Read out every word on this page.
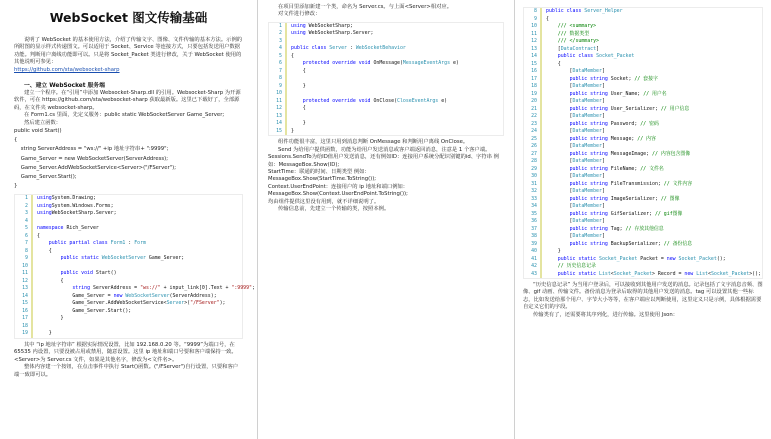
WebSocket 图文传输基础

说明了 WebSocket 的基本使用方法，介绍了传输文字、图像、文件传输的基本方法。示例的所附图的显示样式传递图文。可以适用于 Socket、Service 等连接方式，只要包括发送用户数据功能。判断用户离线功能即可以。只是将 Socket_Packet 类进行修改，关于 WebSocket 使用的其他说明可参见：

https://github.com/sta/websocket-sharp
一、建立 WebSocket 服务端

建立一个程序。在“引用”中添加 Websocket-Sharp.dll 的引用。Websocket-Sharp 为开源软件，可在 https://github.com/sta/websocket-sharp 获取最新版。这里已下载好了，全部源码，在文件夹 websocket-sharp。

在 Form1.cs 里面，先定义服务：public static WebSocketServer Game_Server;

然后建立函数：

public void Start()
{
string ServerAddress = "ws://" +ip 地址字符串+ ":9999";
Game_Server = new WebSocketServer(ServerAddress);
Game_Server.AddWebSocketService<Server>("/FServer");
Game_Server.Start();
}
1	using System.Drawing;
2	using System.Windows.Forms;
3	using WebSocketSharp.Server;
4
5	namespace Rich_Server
6	{
7
	public partial class
Form1 : Form
8	{
9
	public static
WebSocketServer Game_Server;
10
11
	public void Start()
12	{
13
	string ServerAddress = "ws://" + input_link[0].Text + ":9999" ;
14	Game_Server = new
WebSocketServer (ServerAddress);
15	Game_Server.AddWebSocketService< Server >( "/FServer" );
16	Game_Server.Start();
17	}
18
19	}

其中 “ip 地址字符串” 根据实际情况设置，比如 192.168.0.20 等。“9999”为端口号，在 65535 内设置，只要没被占用或禁用，随意设置。这里 ip 地址和端口号要和客户端保持一致。<Server>为 Server.cs 文件，如果是其他名字，修改为<文件名>。

整体内容建一个按钮，在点击事件中执行 Start()函数。("/FServer")自行设置，只要和客户端一致即可以。

在项目里添加新建一个类，命名为 Server.cs。与上面<Server>相对应。

对文件进行修改：

1	using WebSocketSharp;
2	using WebSocketSharp.Server;
3
4	public class
Server : WebSocketBehavior
5	{
6
	protected override void OnMessage( MessageEventArgs e)
7	{
8
9	}
10
11
	protected override void OnClose( CloseEventArgs e)
12	{
13
14	}
15	}

组件功能很丰富，这里只用到消息判断 OnMessage 和判断用户离线 OnClose。

Send 为给用户提供函数，功能为给用户发送消息或客户端返回消息，注意是 1 个客户端。

Sessions.SendTo为给ID值用户发送消息，还有例如ID：连接用户系统分配识别键的id、字符串 例如：MessageBox.Show(ID);

StartTime：联通的时间、日期类型 例如：

MessageBox.Show(StartTime.ToString());

Context.UserEndPoint：连接用户的 ip 地址和端口例如：

MessageBox.Show(Context.UserEndPoint.ToString());

均由组件提供这里没有用到，就不详细说明了。

传输信息前，先建立一个传输的类，按照本例。

8	public class
Server_Helper
9	{
10
	/// <summary>
11
	/// 数据类型
12
	/// </summary>
13	[ DataContract ]
14
	public class
Socket_Packet
15	{
16	[ DataMember ]
17
	public string Socket; // 套接字
18	[ DataMember ]
19
	public string User_Name; // 用户名
20	[ DataMember ]
21
	public string User_Serializer; // 用户信息
22	[ DataMember ]
23
	public string Password; // 密码
24	[ DataMember ]
25
	public string Message; // 内容
26	[ DataMember ]
27
	public string MessageImage; // 内容包含图像
28	[ DataMember ]
29
	public string FileName; // 文件名
30	[ DataMember ]
31
	public string FileTransmission; // 文件内容
32	[ DataMember ]
33
	public string ImageSerializer; // 图像
34	[ DataMember ]
35
	public string GifSerializer; // gif图像
36	[ DataMember ]
37
	public string Tag; // 存放其他信息
38	[ DataMember ]
39
	public string BackupSerializer; // 备份信息
40	}
41
	public static
Socket_Packet Packet = new
Socket_Packet ();
42
	// 历史信息记录
43
	public static
List < Socket_Packet > Record = new
List < Socket_Packet >();

“历史信息记录” 为当用户登录后，可以接收到其他用户发送的消息。记录包括了文字消息音频、图像、gif 动画、传输文件。备份消息为登录后取得的其他用户发送的消息。tag 可以设置其他一些标志，比如发送给那个用户、字节大小等等，在客户端应以判断使用，这里定义只是示例，具体根据需要自定义它们的字段。

传输类有了，还需要将其序列化，进行传输。这里使用 Json：
